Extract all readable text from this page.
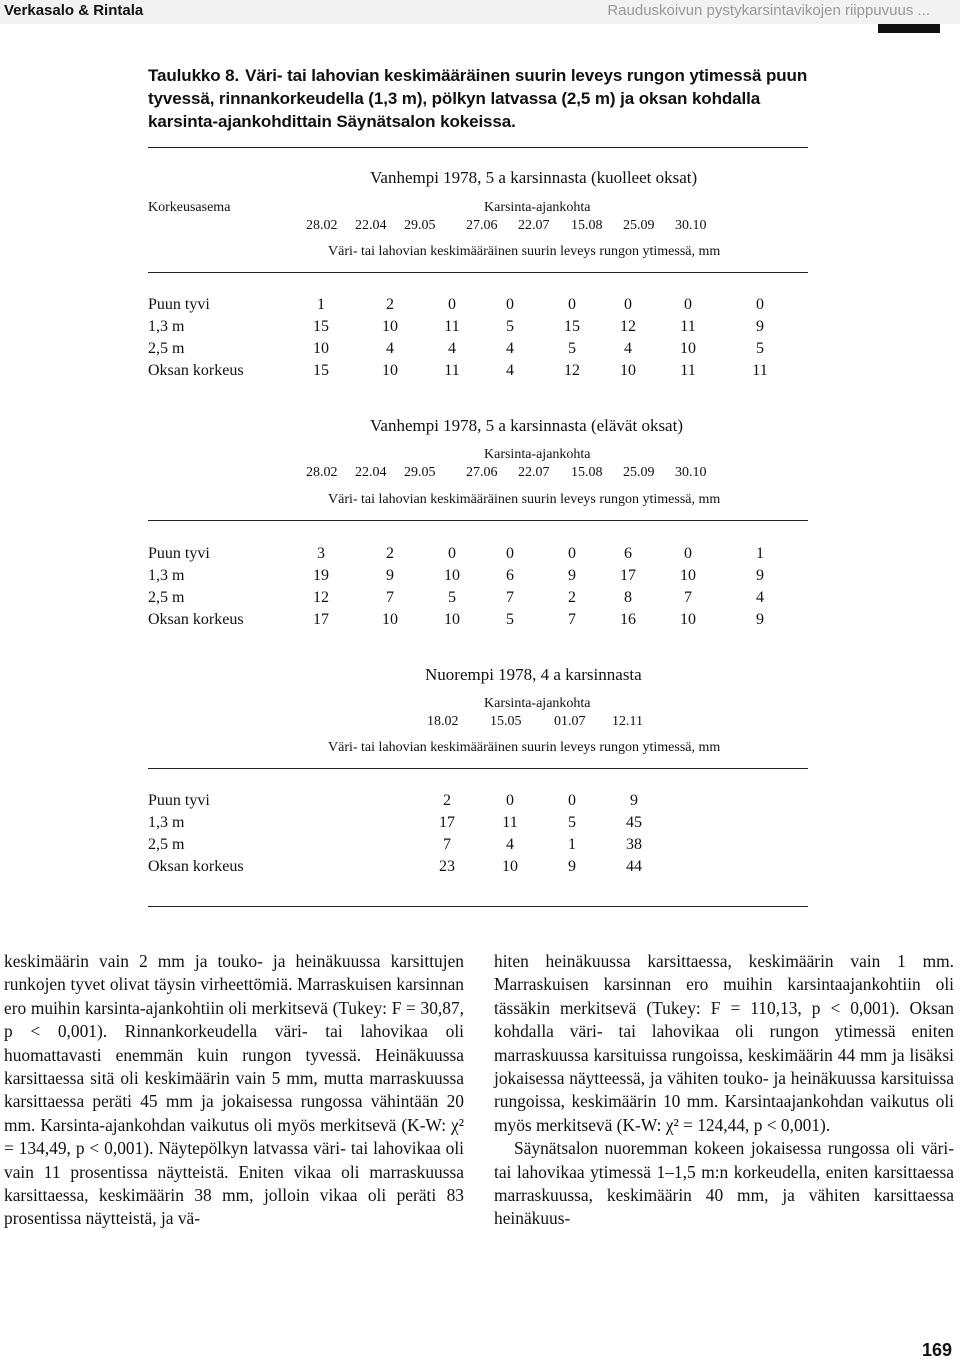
Verkasalo & Rintala	Rauduskoivun pystykarsintavikojen riippuvuus ...
Taulukko 8. Väri- tai lahovian keskimääräinen suurin leveys rungon ytimessä puun tyvessä, rinnankorkeudella (1,3 m), pölkyn latvassa (2,5 m) ja oksan kohdalla karsinta-ajankohdittain Säynätsalon kokeissa.
Korkeusasema
Vanhempi 1978, 5 a karsinnasta (kuolleet oksat)
Karsinta-ajankohta
28.02 22.04 29.05 27.06 22.07 15.08 25.09 30.10
Väri- tai lahovian keskimääräinen suurin leveys rungon ytimessä, mm
Puun tyvi	1	2	0	0	0	0	0	0
1,3 m	15	10	11	5	15	12	11	9
2,5 m	10	4	4	4	5	4	10	5
Oksan korkeus	15	10	11	4	12	10	11	11
Vanhempi 1978, 5 a karsinnasta (elävät oksat)
Karsinta-ajankohta
28.02 22.04 29.05 27.06 22.07 15.08 25.09 30.10
Väri- tai lahovian keskimääräinen suurin leveys rungon ytimessä, mm
Puun tyvi	3	2	0	0	0	6	0	1
1,3 m	19	9	10	6	9	17	10	9
2,5 m	12	7	5	7	2	8	7	4
Oksan korkeus	17	10	10	5	7	16	10	9
Nuorempi 1978, 4 a karsinnasta
Karsinta-ajankohta
18.02 15.05 01.07 12.11
Väri- tai lahovian keskimääräinen suurin leveys rungon ytimessä, mm
Puun tyvi	2	0	0	9
1,3 m	17	11	5	45
2,5 m	7	4	1	38
Oksan korkeus	23	10	9	44

keskimäärin vain 2 mm ja touko- ja heinäkuussa karsittujen runkojen tyvet olivat täysin virheettömiä. Marraskuisen karsinnan ero muihin karsinta-ajankohtiin oli merkitsevä (Tukey: F = 30,87, p < 0,001). Rinnankorkeudella väri- tai lahovikaa oli huomattavasti enemmän kuin rungon tyvessä. Heinäkuussa karsittaessa sitä oli keskimäärin vain 5 mm, mutta marraskuussa karsittaessa peräti 45 mm ja jokaisessa rungossa vähintään 20 mm. Karsinta-ajankohdan vaikutus oli myös merkitsevä (K-W: χ² = 134,49, p < 0,001). Näytepölkyn latvassa väri- tai lahovikaa oli vain 11 prosentissa näytteistä. Eniten vikaa oli marraskuussa karsittaessa, keskimäärin 38 mm, jolloin vikaa oli peräti 83 prosentissa näytteistä, ja vä-

hiten heinäkuussa karsittaessa, keskimäärin vain 1 mm. Marraskuisen karsinnan ero muihin karsintaajankohtiin oli tässäkin merkitsevä (Tukey: F = 110,13, p < 0,001). Oksan kohdalla väri- tai lahovikaa oli rungon ytimessä eniten marraskuussa karsituissa rungoissa, keskimäärin 44 mm ja lisäksi jokaisessa näytteessä, ja vähiten touko- ja heinäkuussa karsituissa rungoissa, keskimäärin 10 mm. Karsintaajankohdan vaikutus oli myös merkitsevä (K-W: χ² = 124,44, p < 0,001).

Säynätsalon nuoremman kokeen jokaisessa rungossa oli väri- tai lahovikaa ytimessä 1–1,5 m:n korkeudella, eniten karsittaessa marraskuussa, keskimäärin 40 mm, ja vähiten karsittaessa heinäkuus-

169
